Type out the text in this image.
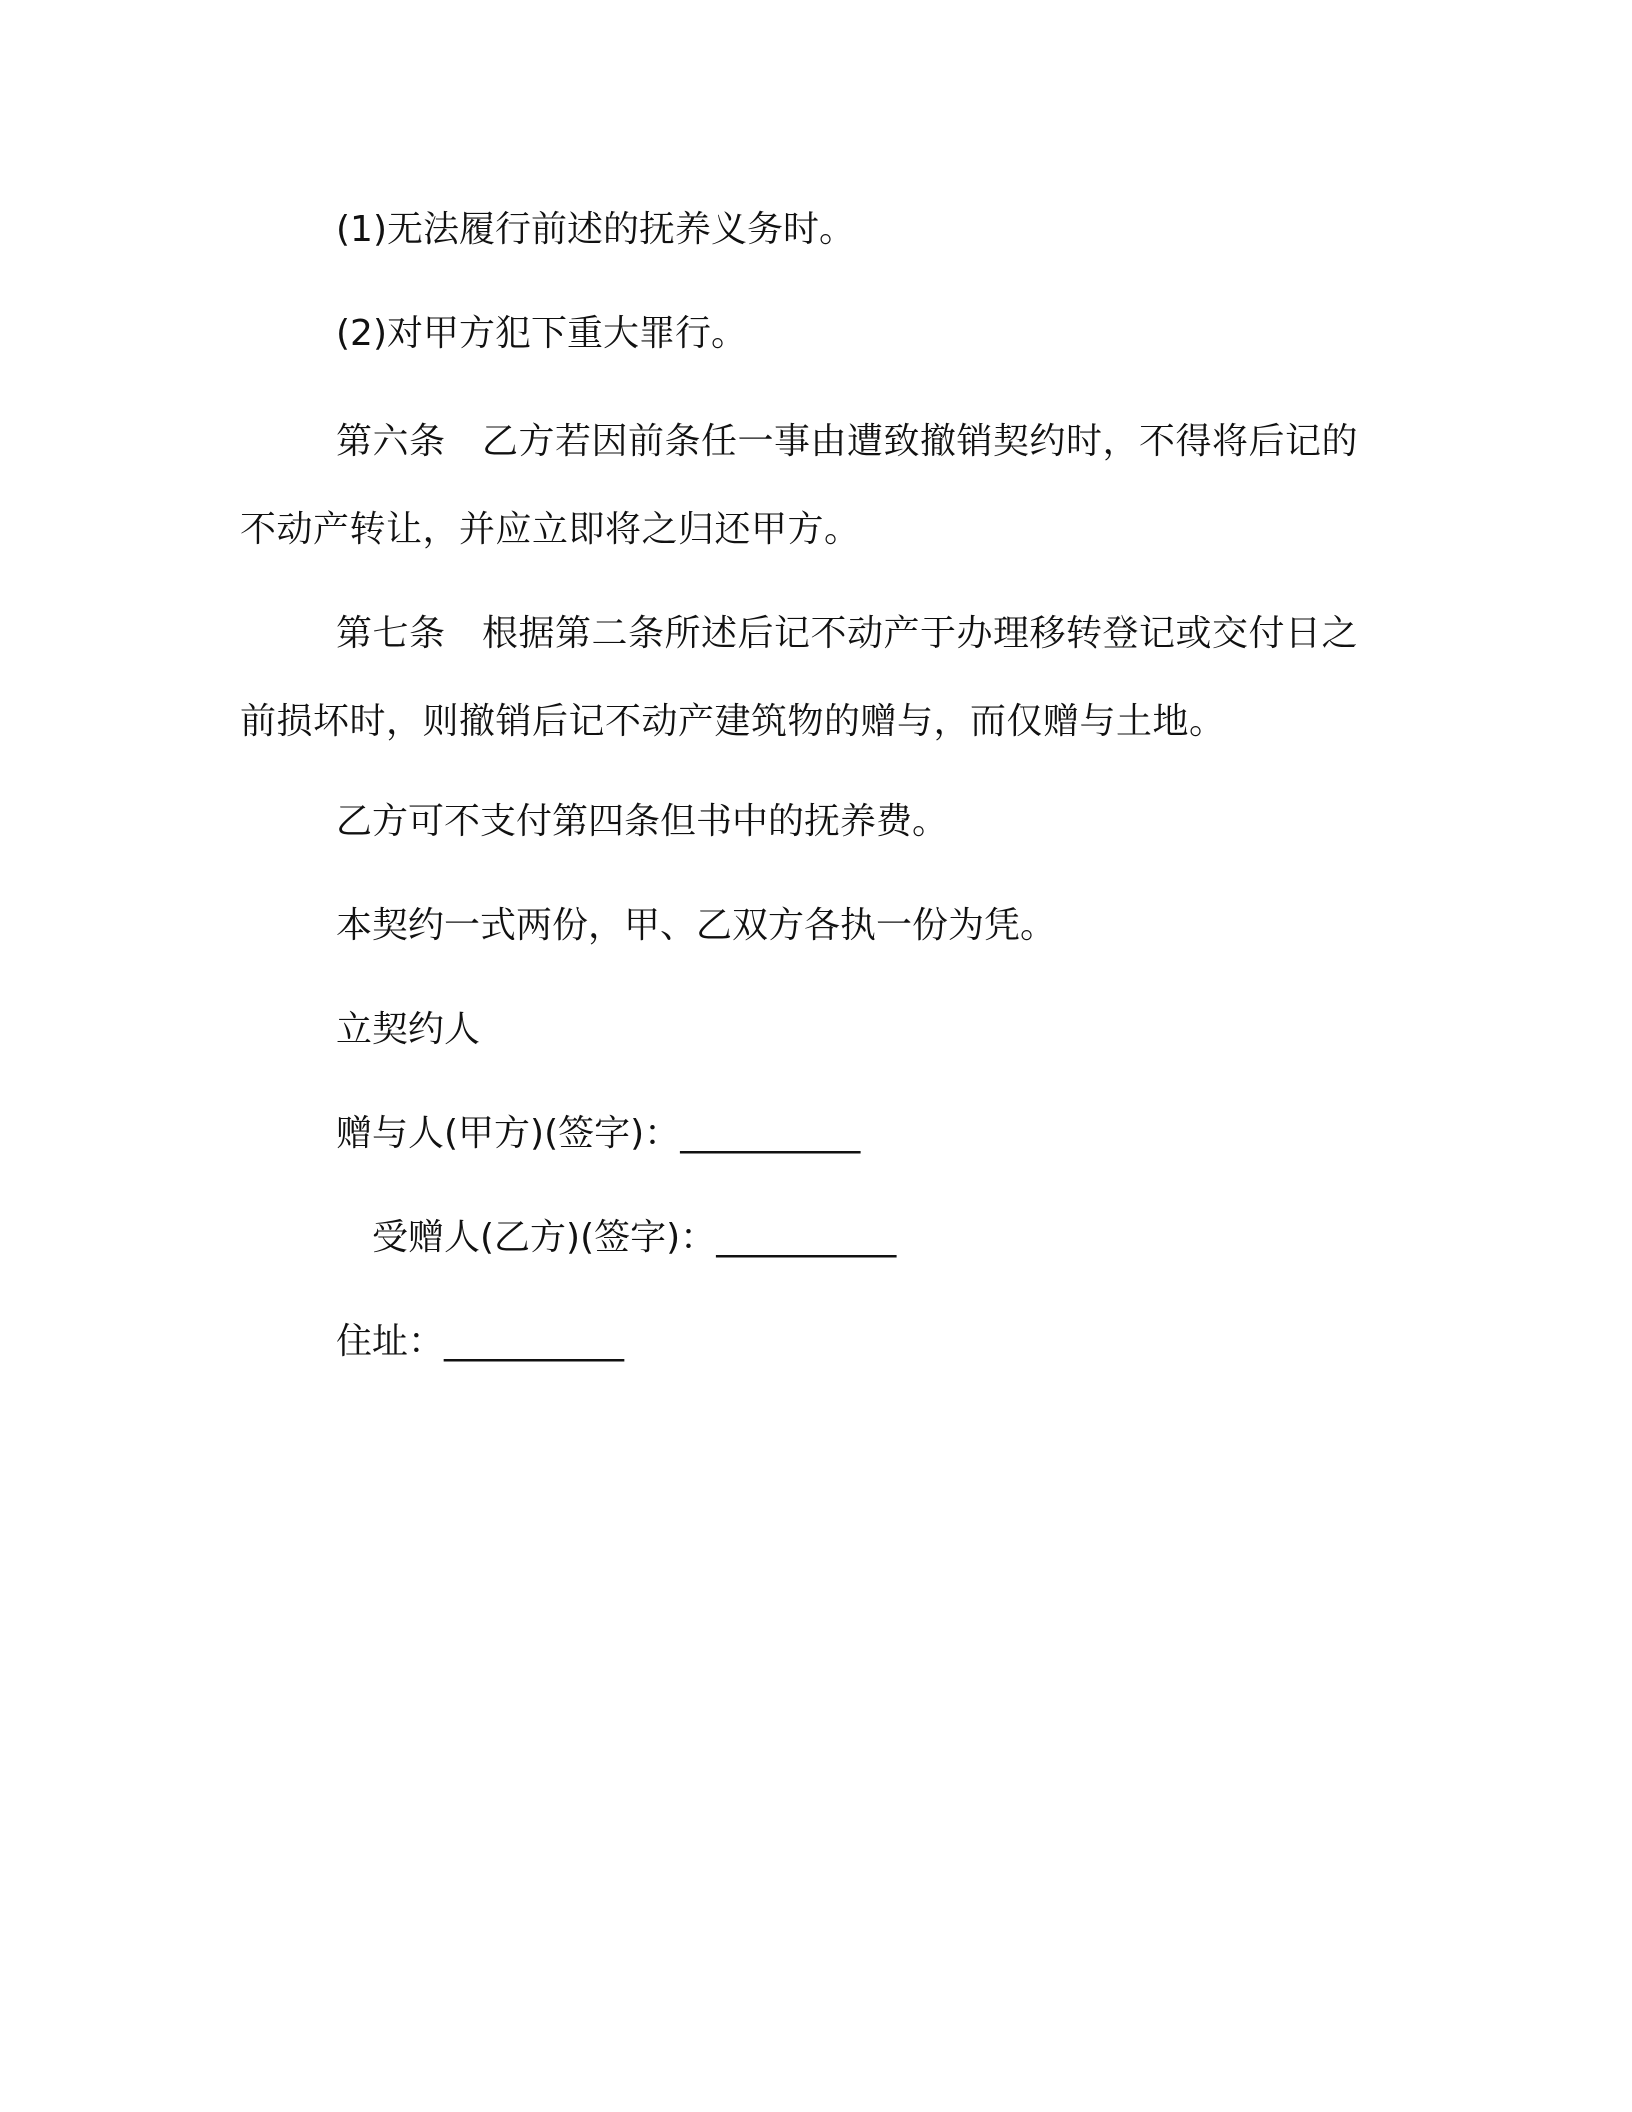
(1)无法履行前述的抚养义务时。
(2)对甲方犯下重大罪行。

第六条　乙方若因前条任一事由遭致撤销契约时，不得将后记的不动产转让，并应立即将之归还甲方。

第七条　根据第二条所述后记不动产于办理移转登记或交付日之前损坏时，则撤销后记不动产建筑物的赠与，而仅赠与土地。

乙方可不支付第四条但书中的抚养费。
本契约一式两份，甲、乙双方各执一份为凭。
立契约人
赠与人(甲方)(签字)：__________
受赠人(乙方)(签字)：__________
住址：__________
